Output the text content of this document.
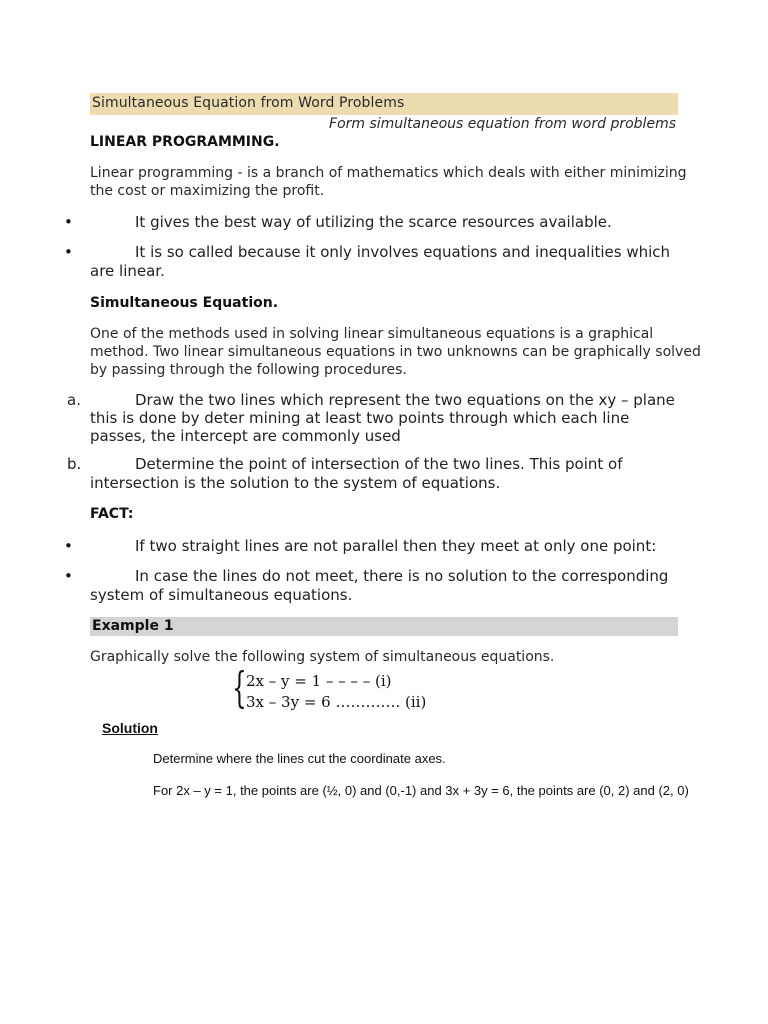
Simultaneous Equation from Word Problems
Form simultaneous equation from word problems
LINEAR PROGRAMMING.
Linear programming - is a branch of mathematics which deals with either minimizing
the cost or maximizing the profit.
•	It gives the best way of utilizing the scarce resources available.
•	It is so called because it only involves equations and inequalities which
are linear.
Simultaneous Equation.
One of the methods used in solving linear simultaneous equations is a graphical
method. Two linear simultaneous equations in two unknowns can be graphically solved
by passing through the following procedures.
a.	Draw the two lines which represent the two equations on the xy – plane
this is done by deter mining at least two points through which each line
passes, the intercept are commonly used
b.	Determine the point of intersection of the two lines. This point of
intersection is the solution to the system of equations.
FACT:
•	If two straight lines are not parallel then they meet at only one point:
•	In case the lines do not meet, there is no solution to the corresponding
system of simultaneous equations.
Example 1
Graphically solve the following system of simultaneous equations.
{ 2x – y = 1 – – – – (i)
3x – 3y = 6 …………. (ii)
Solution
Determine where the lines cut the coordinate axes.
For 2x – y = 1, the points are (½, 0) and (0,-1) and 3x + 3y = 6, the points are (0, 2) and (2, 0)
